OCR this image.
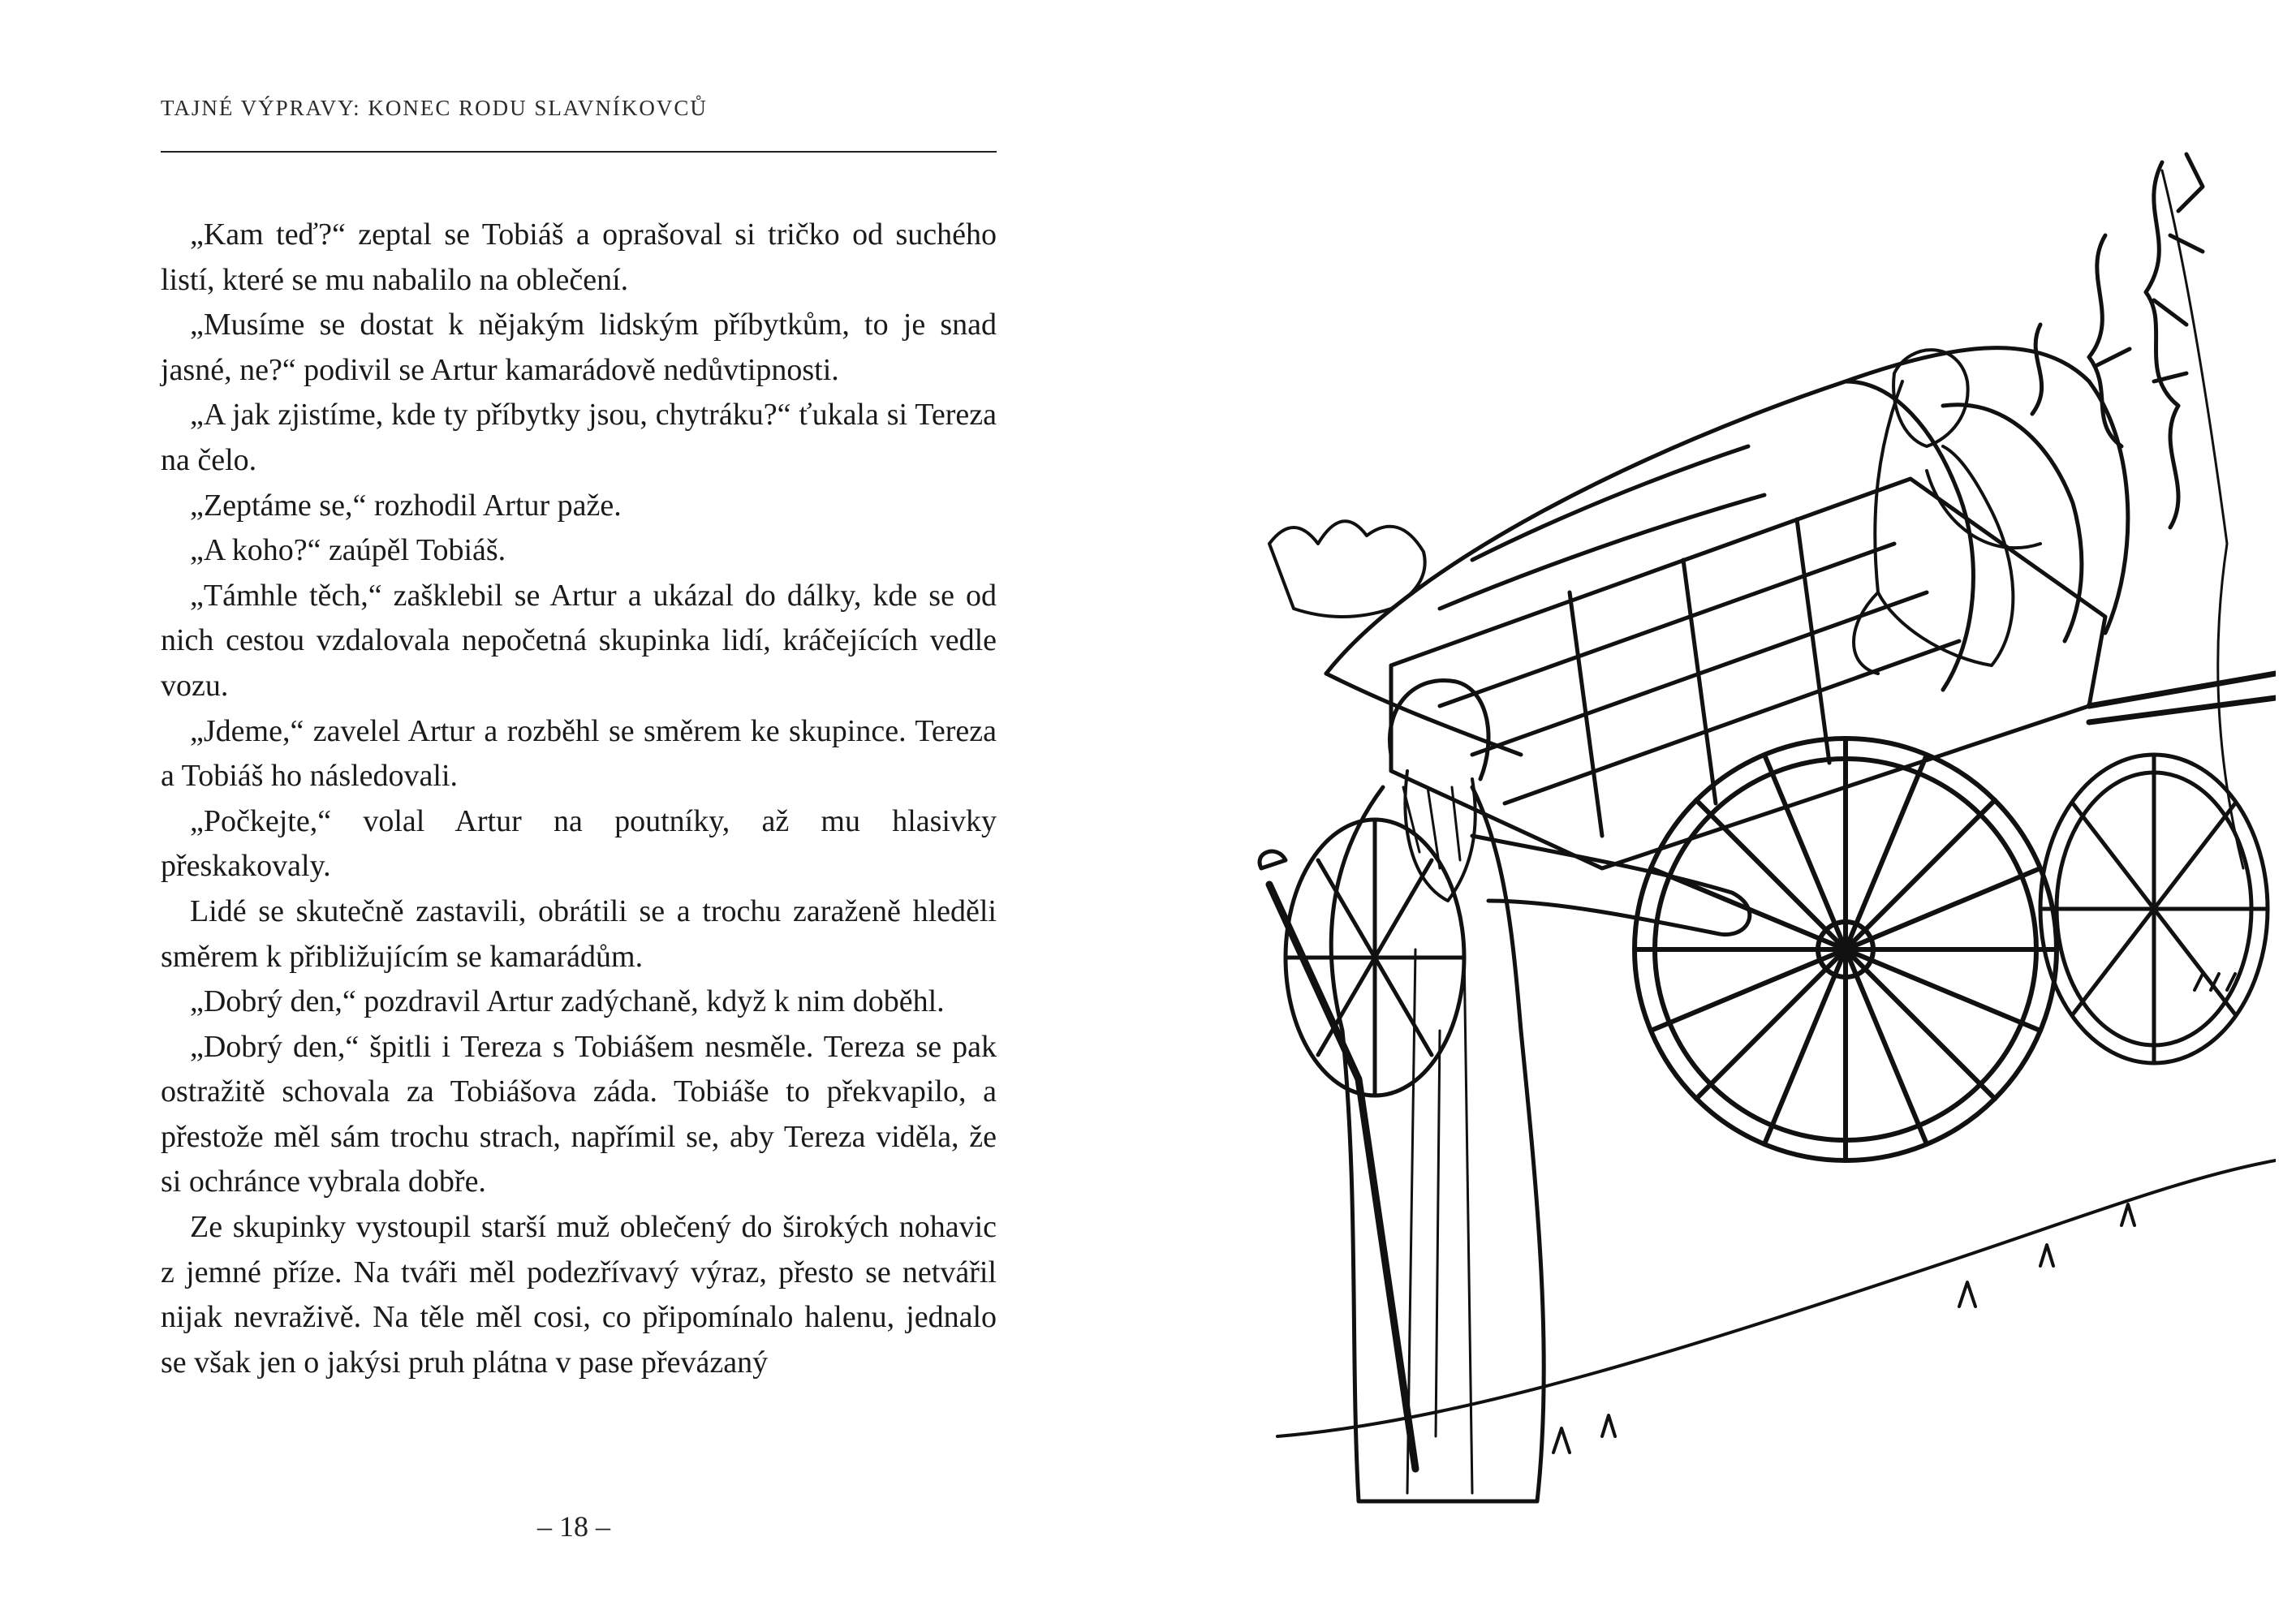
TAJNÉ VÝPRAVY: KONEC RODU SLAVNÍKOVCŮ

„Kam teď?“ zeptal se Tobiáš a oprašoval si tričko od suchého listí, které se mu nabalilo na oblečení.

„Musíme se dostat k nějakým lidským příbytkům, to je snad jasné, ne?“ podivil se Artur kamarádově nedůvtipnosti.

„A jak zjistíme, kde ty příbytky jsou, chytráku?“ ťukala si Tereza na čelo.

„Zeptáme se,“ rozhodil Artur paže.

„A koho?“ zaúpěl Tobiáš.

„Támhle těch,“ zašklebil se Artur a ukázal do dálky, kde se od nich cestou vzdalovala nepočetná skupinka lidí, kráčejících vedle vozu.

„Jdeme,“ zavelel Artur a rozběhl se směrem ke skupince. Tereza a Tobiáš ho následovali.

„Počkejte,“ volal Artur na poutníky, až mu hlasivky přeskakovaly.

Lidé se skutečně zastavili, obrátili se a trochu zaraženě hleděli směrem k přibližujícím se kamarádům.

„Dobrý den,“ pozdravil Artur zadýchaně, když k nim doběhl.

„Dobrý den,“ špitli i Tereza s Tobiášem nesměle. Tereza se pak ostražitě schovala za Tobiášova záda. Tobiáše to překvapilo, a přestože měl sám trochu strach, napřímil se, aby Tereza viděla, že si ochránce vybrala dobře.

Ze skupinky vystoupil starší muž oblečený do širokých nohavic z jemné příze. Na tváři měl podezřívavý výraz, přesto se netvářil nijak nevraživě. Na těle měl cosi, co připomínalo halenu, jednalo se však jen o jakýsi pruh plátna v pase převázaný

– 18 –
